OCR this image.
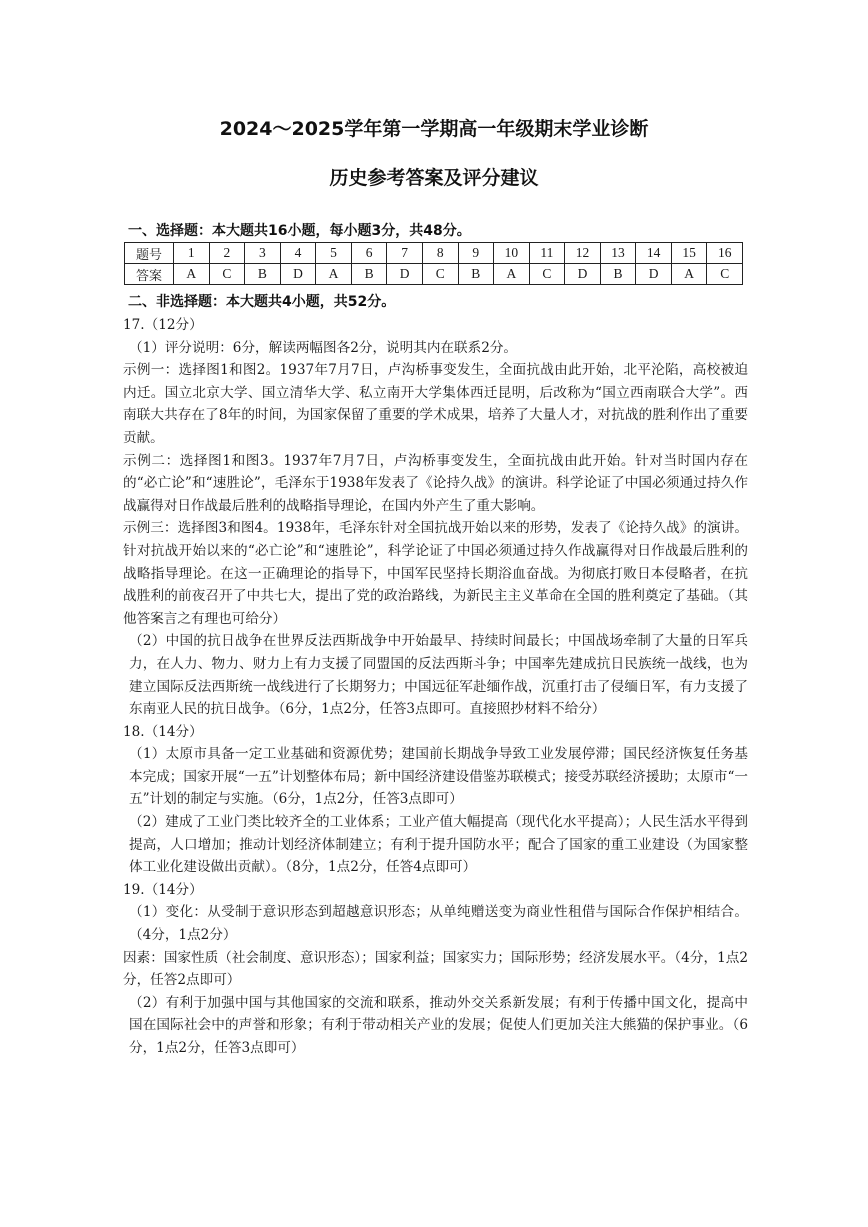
2024～2025学年第一学期高一年级期末学业诊断
历史参考答案及评分建议
一、选择题：本大题共16小题，每小题3分，共48分。
题号	1	2	3	4	5	6	7	8	9	10	11	12	13	14	15	16
答案	A	C	B	D	A	B	D	C	B	A	C	D	B	D	A	C
二、非选择题：本大题共4小题，共52分。

17.（12分）

（1）评分说明：6分，解读两幅图各2分，说明其内在联系2分。

示例一：选择图1和图2。1937年7月7日，卢沟桥事变发生，全面抗战由此开始，北平沦陷，高校被迫内迁。国立北京大学、国立清华大学、私立南开大学集体西迁昆明，后改称为“国立西南联合大学”。西南联大共存在了8年的时间，为国家保留了重要的学术成果，培养了大量人才，对抗战的胜利作出了重要贡献。

示例二：选择图1和图3。1937年7月7日，卢沟桥事变发生，全面抗战由此开始。针对当时国内存在的“必亡论”和“速胜论”，毛泽东于1938年发表了《论持久战》的演讲。科学论证了中国必须通过持久作战赢得对日作战最后胜利的战略指导理论，在国内外产生了重大影响。

示例三：选择图3和图4。1938年，毛泽东针对全国抗战开始以来的形势，发表了《论持久战》的演讲。针对抗战开始以来的“必亡论”和“速胜论”，科学论证了中国必须通过持久作战赢得对日作战最后胜利的战略指导理论。在这一正确理论的指导下，中国军民坚持长期浴血奋战。为彻底打败日本侵略者，在抗战胜利的前夜召开了中共七大，提出了党的政治路线，为新民主主义革命在全国的胜利奠定了基础。（其他答案言之有理也可给分）

（2）中国的抗日战争在世界反法西斯战争中开始最早、持续时间最长；中国战场牵制了大量的日军兵力，在人力、物力、财力上有力支援了同盟国的反法西斯斗争；中国率先建成抗日民族统一战线，也为建立国际反法西斯统一战线进行了长期努力；中国远征军赴缅作战，沉重打击了侵缅日军，有力支援了东南亚人民的抗日战争。（6分，1点2分，任答3点即可。直接照抄材料不给分）

18.（14分）

（1）太原市具备一定工业基础和资源优势；建国前长期战争导致工业发展停滞；国民经济恢复任务基本完成；国家开展“一五”计划整体布局；新中国经济建设借鉴苏联模式；接受苏联经济援助；太原市“一五”计划的制定与实施。（6分，1点2分，任答3点即可）

（2）建成了工业门类比较齐全的工业体系；工业产值大幅提高（现代化水平提高）；人民生活水平得到提高，人口增加；推动计划经济体制建立；有利于提升国防水平；配合了国家的重工业建设（为国家整体工业化建设做出贡献）。（8分，1点2分，任答4点即可）

19.（14分）

（1）变化：从受制于意识形态到超越意识形态；从单纯赠送变为商业性租借与国际合作保护相结合。（4分，1点2分）

因素：国家性质（社会制度、意识形态）；国家利益；国家实力；国际形势；经济发展水平。（4分，1点2分，任答2点即可）

（2）有利于加强中国与其他国家的交流和联系，推动外交关系新发展；有利于传播中国文化，提高中国在国际社会中的声誉和形象；有利于带动相关产业的发展；促使人们更加关注大熊猫的保护事业。（6分，1点2分，任答3点即可）
